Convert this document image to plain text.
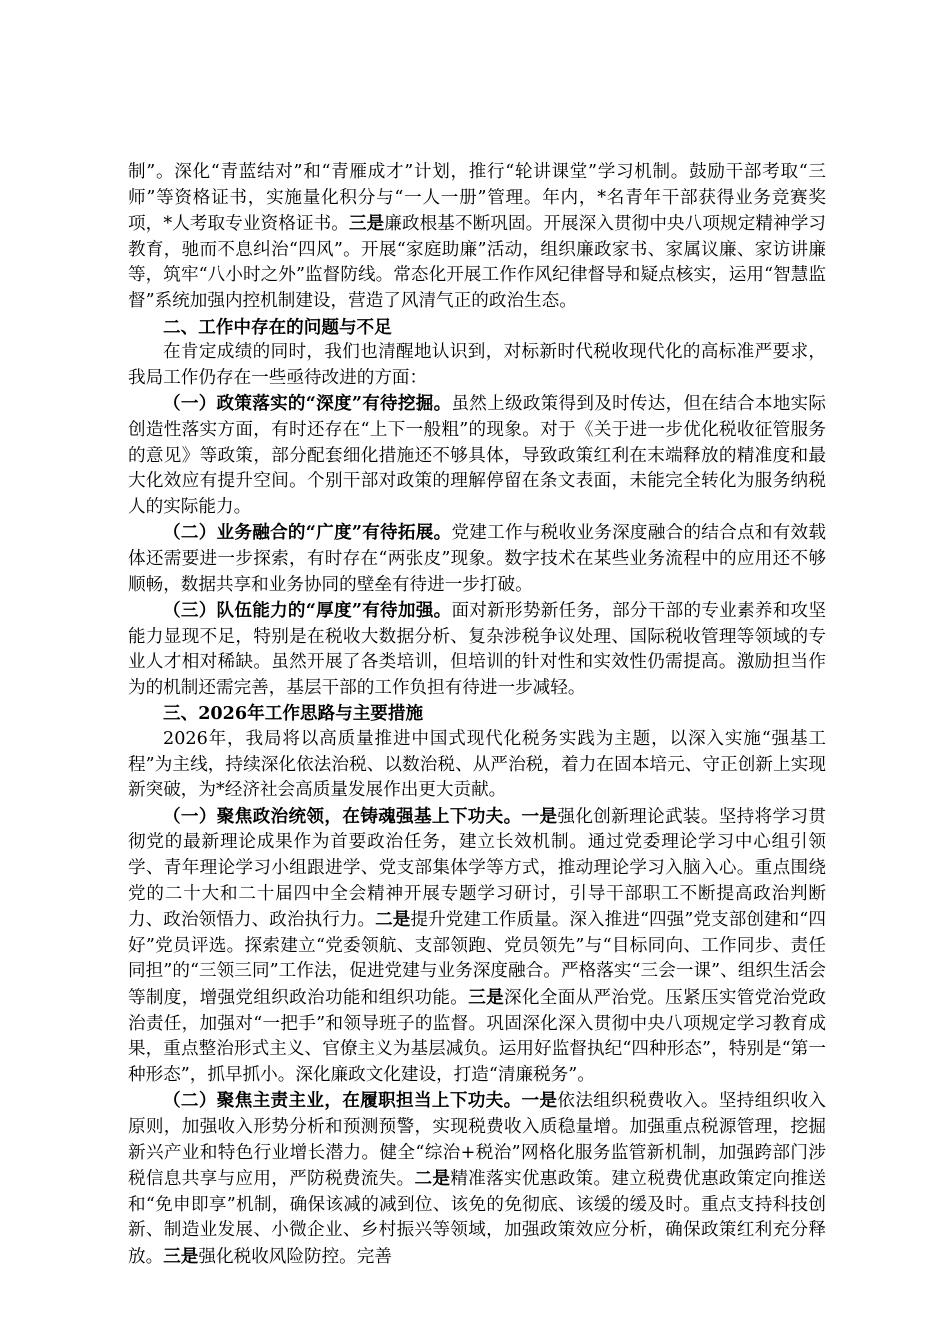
制”。深化“青蓝结对”和“青雁成才”计划，推行“轮讲课堂”学习机制。鼓励干部考取“三师”等资格证书，实施量化积分与“一人一册”管理。年内，*名青年干部获得业务竞赛奖项，*人考取专业资格证书。三是廉政根基不断巩固。开展深入贯彻中央八项规定精神学习教育，驰而不息纠治“四风”。开展“家庭助廉”活动，组织廉政家书、家属议廉、家访讲廉等，筑牢“八小时之外”监督防线。常态化开展工作作风纪律督导和疑点核实，运用“智慧监督”系统加强内控机制建设，营造了风清气正的政治生态。

二、工作中存在的问题与不足

在肯定成绩的同时，我们也清醒地认识到，对标新时代税收现代化的高标准严要求，我局工作仍存在一些亟待改进的方面：

（一）政策落实的“深度”有待挖掘。虽然上级政策得到及时传达，但在结合本地实际创造性落实方面，有时还存在“上下一般粗”的现象。对于《关于进一步优化税收征管服务的意见》等政策，部分配套细化措施还不够具体，导致政策红利在末端释放的精准度和最大化效应有提升空间。个别干部对政策的理解停留在条文表面，未能完全转化为服务纳税人的实际能力。

（二）业务融合的“广度”有待拓展。党建工作与税收业务深度融合的结合点和有效载体还需要进一步探索，有时存在“两张皮”现象。数字技术在某些业务流程中的应用还不够顺畅，数据共享和业务协同的壁垒有待进一步打破。

（三）队伍能力的“厚度”有待加强。面对新形势新任务，部分干部的专业素养和攻坚能力显现不足，特别是在税收大数据分析、复杂涉税争议处理、国际税收管理等领域的专业人才相对稀缺。虽然开展了各类培训，但培训的针对性和实效性仍需提高。激励担当作为的机制还需完善，基层干部的工作负担有待进一步减轻。

三、2026年工作思路与主要措施

2026年，我局将以高质量推进中国式现代化税务实践为主题，以深入实施“强基工程”为主线，持续深化依法治税、以数治税、从严治税，着力在固本培元、守正创新上实现新突破，为*经济社会高质量发展作出更大贡献。

（一）聚焦政治统领，在铸魂强基上下功夫。一是强化创新理论武装。坚持将学习贯彻党的最新理论成果作为首要政治任务，建立长效机制。通过党委理论学习中心组引领学、青年理论学习小组跟进学、党支部集体学等方式，推动理论学习入脑入心。重点围绕党的二十大和二十届四中全会精神开展专题学习研讨，引导干部职工不断提高政治判断力、政治领悟力、政治执行力。二是提升党建工作质量。深入推进“四强”党支部创建和“四好”党员评选。探索建立“党委领航、支部领跑、党员领先”与“目标同向、工作同步、责任同担”的“三领三同”工作法，促进党建与业务深度融合。严格落实“三会一课”、组织生活会等制度，增强党组织政治功能和组织功能。三是深化全面从严治党。压紧压实管党治党政治责任，加强对“一把手”和领导班子的监督。巩固深化深入贯彻中央八项规定学习教育成果，重点整治形式主义、官僚主义为基层减负。运用好监督执纪“四种形态”，特别是“第一种形态”，抓早抓小。深化廉政文化建设，打造“清廉税务”。

（二）聚焦主责主业，在履职担当上下功夫。一是依法组织税费收入。坚持组织收入原则，加强收入形势分析和预测预警，实现税费收入质稳量增。加强重点税源管理，挖掘新兴产业和特色行业增长潜力。健全“综治+税治”网格化服务监管新机制，加强跨部门涉税信息共享与应用，严防税费流失。二是精准落实优惠政策。建立税费优惠政策定向推送和“免申即享”机制，确保该减的减到位、该免的免彻底、该缓的缓及时。重点支持科技创新、制造业发展、小微企业、乡村振兴等领域，加强政策效应分析，确保政策红利充分释放。三是强化税收风险防控。完善
